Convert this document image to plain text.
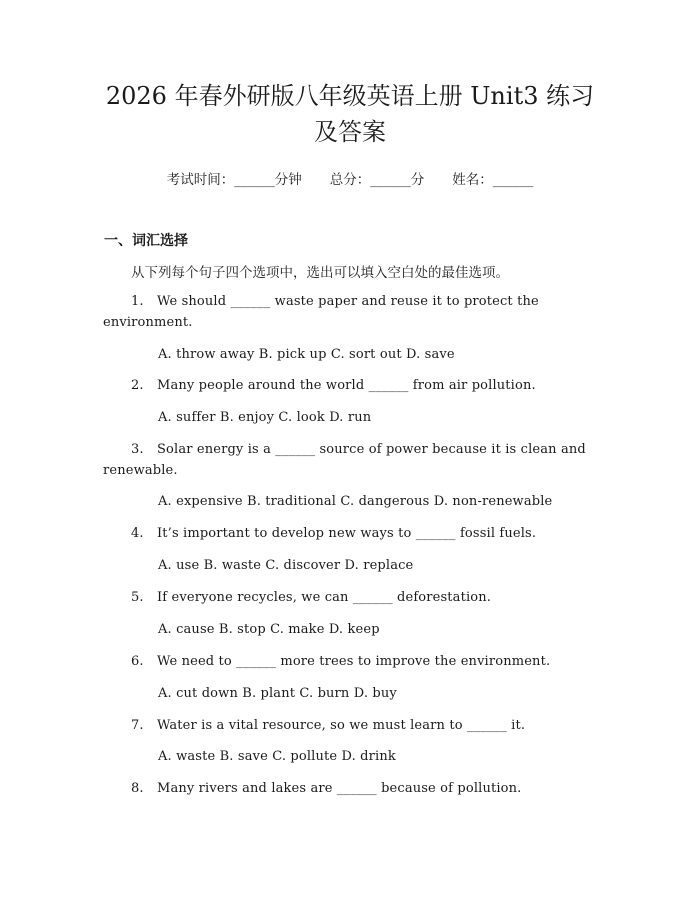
2026 年春外研版八年级英语上册 Unit3 练习
及答案
考试时间：______分钟 总分：______分 姓名：______
一、词汇选择
从下列每个句子四个选项中，选出可以填入空白处的最佳选项。
1. We should ______ waste paper and reuse it to protect the
environment.
A. throw away B. pick up C. sort out D. save
2. Many people around the world ______ from air pollution.
A. suffer B. enjoy C. look D. run
3. Solar energy is a ______ source of power because it is clean and
renewable.
A. expensive B. traditional C. dangerous D. non-renewable
4. It’s important to develop new ways to ______ fossil fuels.
A. use B. waste C. discover D. replace
5. If everyone recycles, we can ______ deforestation.
A. cause B. stop C. make D. keep
6. We need to ______ more trees to improve the environment.
A. cut down B. plant C. burn D. buy
7. Water is a vital resource, so we must learn to ______ it.
A. waste B. save C. pollute D. drink
8. Many rivers and lakes are ______ because of pollution.
